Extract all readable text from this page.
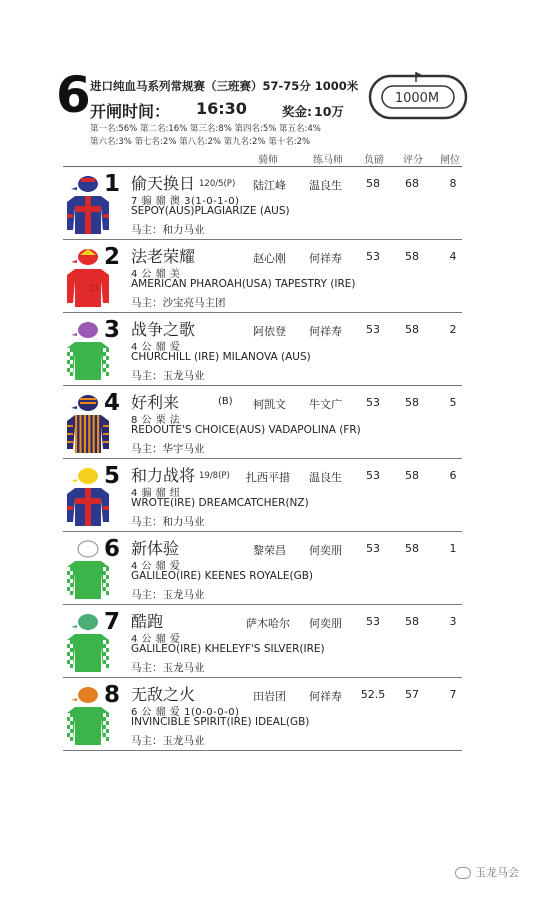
6 进口纯血马系列常规赛（三班赛）57-75分 1000米
开闸时间： 16:30	奖金: 10万
第一名:56% 第二名:16% 第三名:8% 第四名:5% 第五名:4%
第六名:3% 第七名:2% 第八名:2% 第九名:2% 第十名:2%
1000M
骑师	练马师 负磅 评分 闸位
1 偷天换日 120/5(P) 陆江峰 温良生	58	68	8
7 骟 骝 澳 3(1-0-1-0)
SEPOY(AUS)PLAGIARIZE (AUS)
马主：和力马业
2 法老荣耀	赵心刚 何祥寿	53	58	4
4 公 骝 美
AMERICAN PHAROAH(USA) TAPESTRY (IRE)
马主：沙宝亮马主团
3 战争之歌	阿依登 何祥寿	53	58	2
4 公 骝 爱
CHURCHILL (IRE) MILANOVA (AUS)
马主：玉龙马业
4 好利来	(B) 柯凯文 牛文广	53	58	5
8 公 栗 法
REDOUTE'S CHOICE(AUS) VADAPOLINA (FR)
马主：华宇马业
5 和力战将 19/8(P) 扎西平措 温良生	53	58	6
4 骟 骝 纽
WROTE(IRE) DREAMCATCHER(NZ)
马主：和力马业
6 新体验	黎荣昌 何奕朋	53	58	1
4 公 骝 爱
GALILEO(IRE) KEENES ROYALE(GB)
马主：玉龙马业
7 酷跑	萨木哈尔 何奕朋	53	58	3
4 公 骝 爱
GALILEO(IRE) KHELEYF'S SILVER(IRE)
马主：玉龙马业
8 无敌之火	田岩团 何祥寿 52.5	57	7
6 公 骝 爱 1(0-0-0-0)
INVINCIBLE SPIRIT(IRE) IDEAL(GB)
马主：玉龙马业
玉龙马会
